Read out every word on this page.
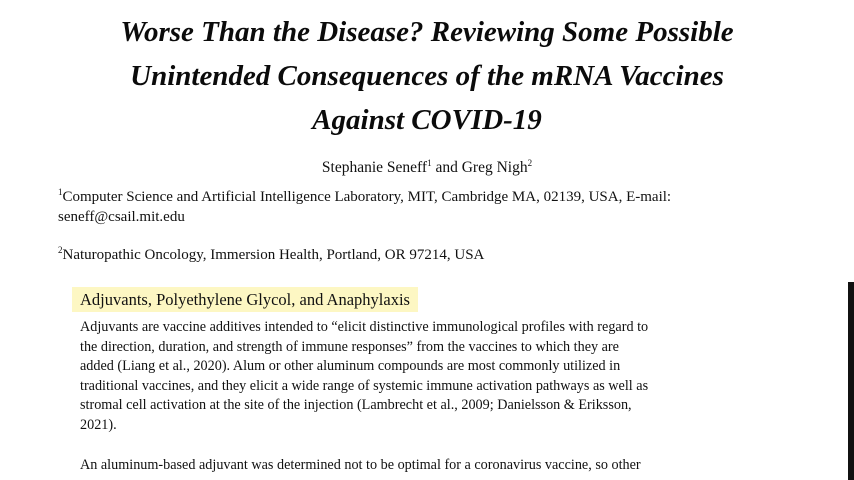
Worse Than the Disease? Reviewing Some Possible
Unintended Consequences of the mRNA Vaccines
Against COVID-19
Stephanie Seneff$^1$ and Greg Nigh$^2$
$^1$Computer Science and Artificial Intelligence Laboratory, MIT, Cambridge MA, 02139, USA, E-mail:
seneff@csail.mit.edu
$^2$Naturopathic Oncology, Immersion Health, Portland, OR 97214, USA
Adjuvants, Polyethylene Glycol, and Anaphylaxis
Adjuvants are vaccine additives intended to “elicit distinctive immunological profiles with regard to
the direction, duration, and strength of immune responses” from the vaccines to which they are
added (Liang et al., 2020). Alum or other aluminum compounds are most commonly utilized in
traditional vaccines, and they elicit a wide range of systemic immune activation pathways as well as
stromal cell activation at the site of the injection (Lambrecht et al., 2009; Danielsson & Eriksson,
2021).
An aluminum-based adjuvant was determined not to be optimal for a coronavirus vaccine, so other
